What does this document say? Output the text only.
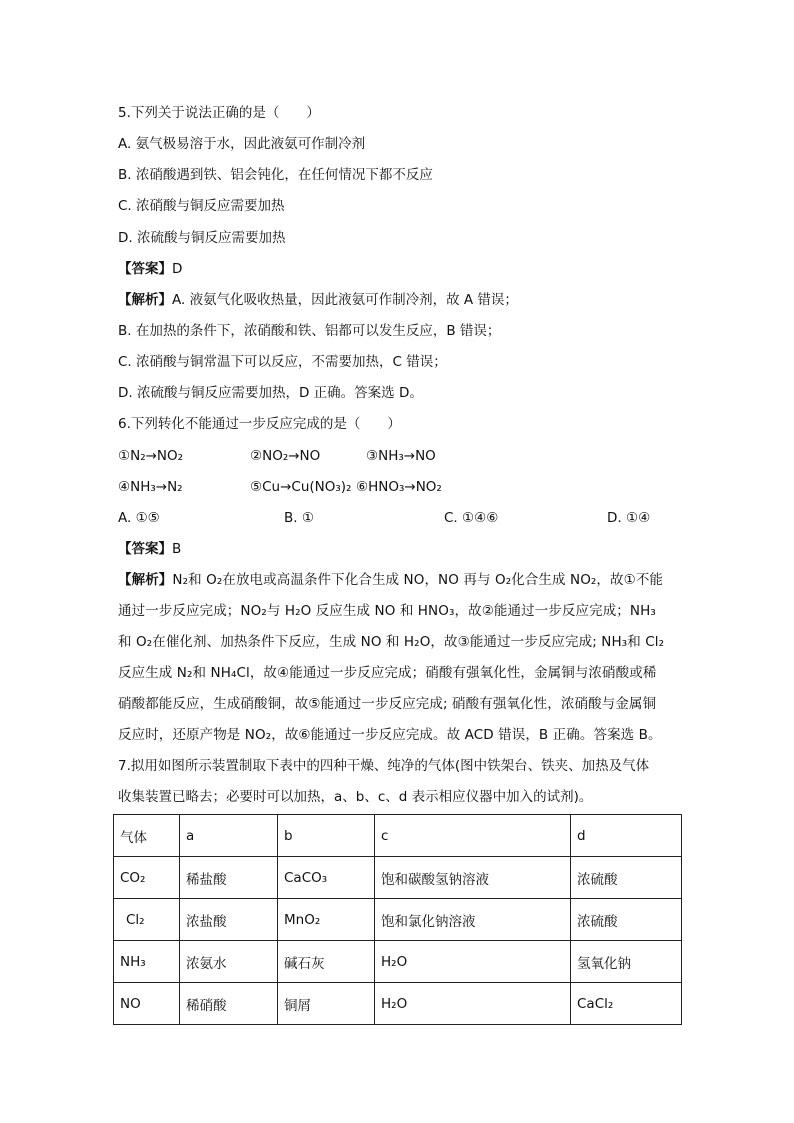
5.下列关于说法正确的是（　　）
A. 氨气极易溶于水，因此液氨可作制冷剂
B. 浓硝酸遇到铁、铝会钝化，在任何情况下都不反应
C. 浓硝酸与铜反应需要加热
D. 浓硫酸与铜反应需要加热
【答案】D
【解析】A. 液氨气化吸收热量，因此液氨可作制冷剂，故 A 错误；
B. 在加热的条件下，浓硝酸和铁、铝都可以发生反应，B 错误；
C. 浓硝酸与铜常温下可以反应，不需要加热，C 错误；
D. 浓硫酸与铜反应需要加热，D 正确。答案选 D。
6.下列转化不能通过一步反应完成的是（　　）
①N₂→NO₂	②NO₂→NO	③NH₃→NO
④NH₃→N₂	⑤Cu→Cu(NO₃)₂ ⑥HNO₃→NO₂
A. ①⑤	B. ①	C. ①④⑥	D. ①④
【答案】B
【解析】N₂和 O₂在放电或高温条件下化合生成 NO，NO 再与 O₂化合生成 NO₂，故①不能
通过一步反应完成；NO₂与 H₂O 反应生成 NO 和 HNO₃，故②能通过一步反应完成；NH₃
和 O₂在催化剂、加热条件下反应，生成 NO 和 H₂O，故③能通过一步反应完成; NH₃和 Cl₂
反应生成 N₂和 NH₄Cl，故④能通过一步反应完成；硝酸有强氧化性，金属铜与浓硝酸或稀
硝酸都能反应，生成硝酸铜，故⑤能通过一步反应完成; 硝酸有强氧化性，浓硝酸与金属铜
反应时，还原产物是 NO₂，故⑥能通过一步反应完成。故 ACD 错误，B 正确。答案选 B。
7.拟用如图所示装置制取下表中的四种干燥、纯净的气体(图中铁架台、铁夹、加热及气体
收集装置已略去；必要时可以加热，a、b、c、d 表示相应仪器中加入的试剂)。
气体	a	b	c	d
CO₂	稀盐酸	CaCO₃	饱和碳酸氢钠溶液	浓硫酸
Cl₂	浓盐酸	MnO₂	饱和氯化钠溶液	浓硫酸
NH₃	浓氨水	碱石灰	H₂O	氢氧化钠
NO	稀硝酸	铜屑	H₂O	CaCl₂
